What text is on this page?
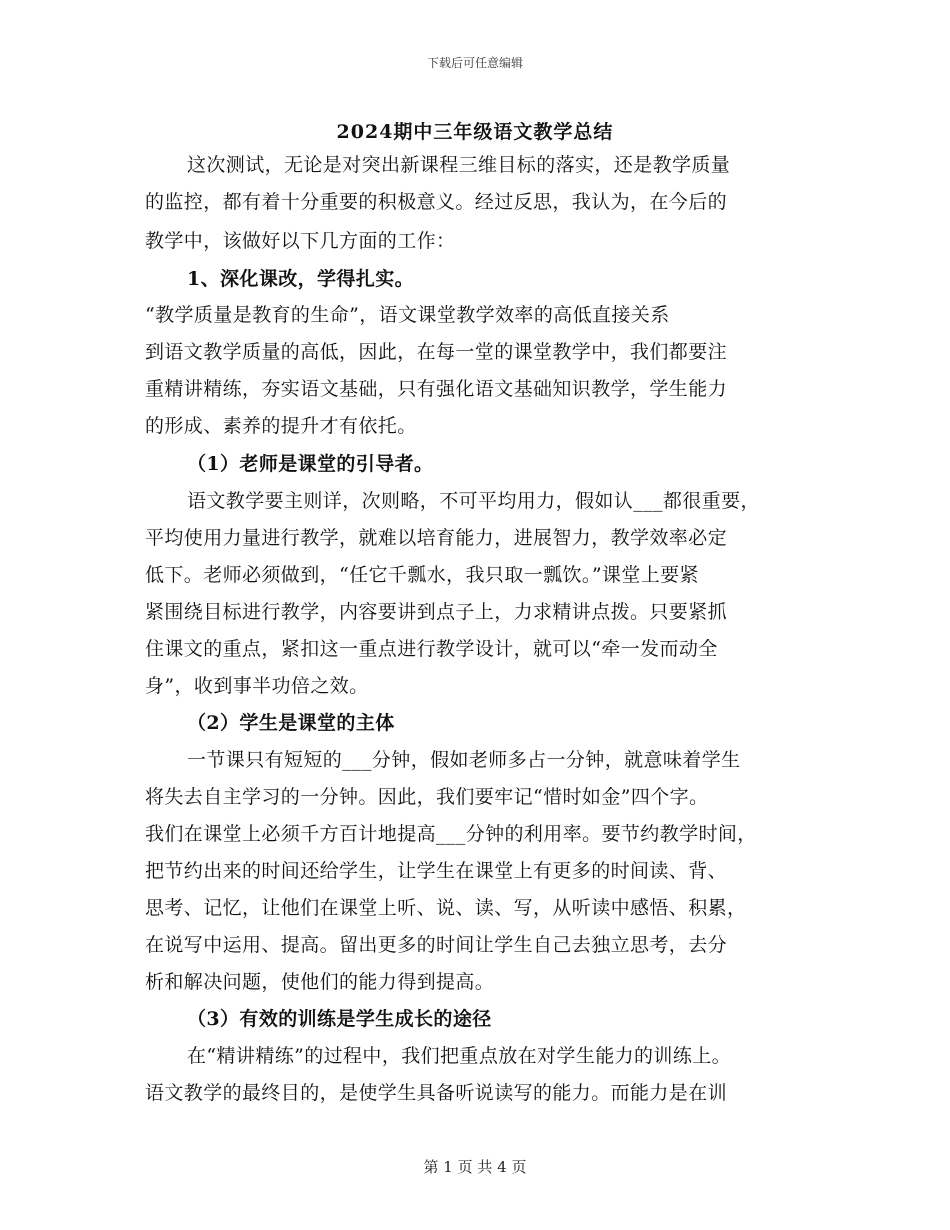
下载后可任意编辑
2024期中三年级语文教学总结
这次测试，无论是对突出新课程三维目标的落实，还是教学质量
的监控，都有着十分重要的积极意义。经过反思，我认为，在今后的
教学中，该做好以下几方面的工作：
1、深化课改，学得扎实。
“教学质量是教育的生命”，语文课堂教学效率的高低直接关系
到语文教学质量的高低，因此，在每一堂的课堂教学中，我们都要注
重精讲精练，夯实语文基础，只有强化语文基础知识教学，学生能力
的形成、素养的提升才有依托。
（1）老师是课堂的引导者。
语文教学要主则详，次则略，不可平均用力，假如认___都很重要，
平均使用力量进行教学，就难以培育能力，进展智力，教学效率必定
低下。老师必须做到，“任它千瓢水，我只取一瓢饮。”课堂上要紧
紧围绕目标进行教学，内容要讲到点子上，力求精讲点拨。只要紧抓
住课文的重点，紧扣这一重点进行教学设计，就可以“牵一发而动全
身”，收到事半功倍之效。
（2）学生是课堂的主体
一节课只有短短的___分钟，假如老师多占一分钟，就意味着学生
将失去自主学习的一分钟。因此，我们要牢记“惜时如金”四个字。
我们在课堂上必须千方百计地提高___分钟的利用率。要节约教学时间，
把节约出来的时间还给学生，让学生在课堂上有更多的时间读、背、
思考、记忆，让他们在课堂上听、说、读、写，从听读中感悟、积累，
在说写中运用、提高。留出更多的时间让学生自己去独立思考，去分
析和解决问题，使他们的能力得到提高。
（3）有效的训练是学生成长的途径
在“精讲精练”的过程中，我们把重点放在对学生能力的训练上。
语文教学的最终目的，是使学生具备听说读写的能力。而能力是在训
第 1 页 共 4 页
